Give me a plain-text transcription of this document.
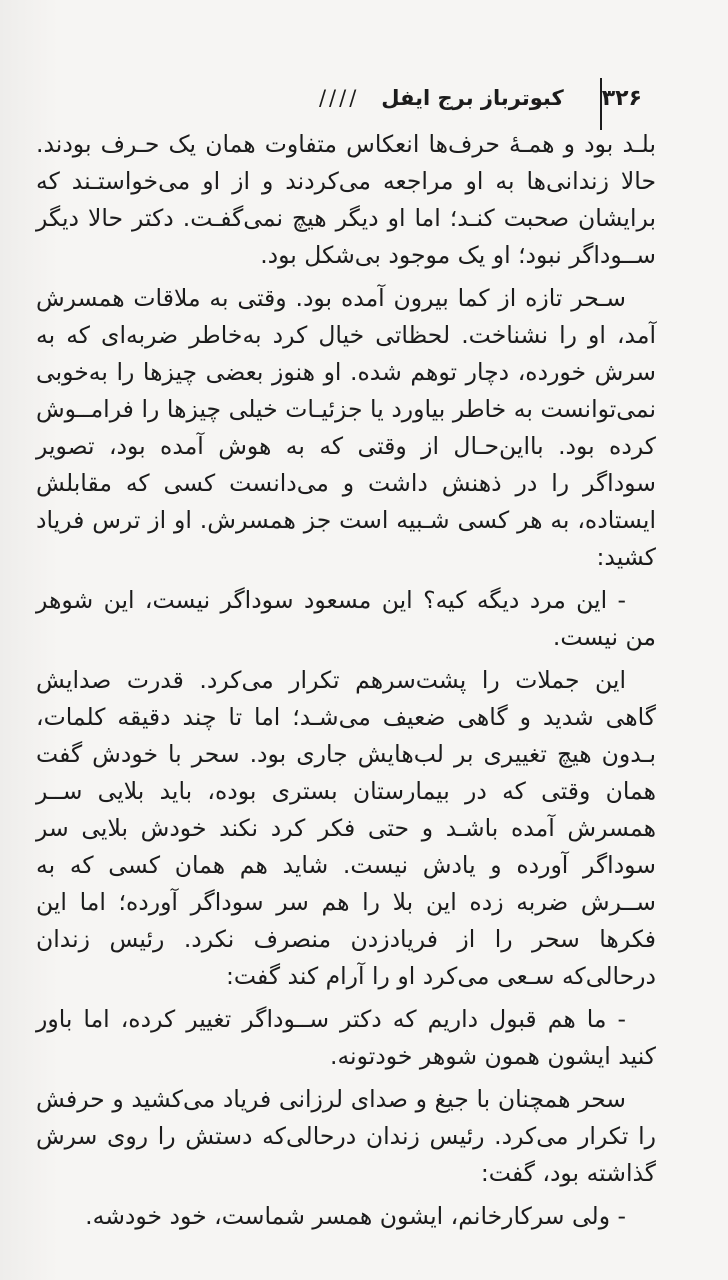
۳۲۶
کبوترباز برج ایفل
////

بلـد بود و همـهٔ حرف‌ها انعکاس متفاوت همان یک حـرف بودند. حالا زندانی‌ها به او مراجعه می‌کردند و از او می‌خواستـند که برایشان صحبت کنـد؛ اما او دیگر هیچ نمی‌گفـت. دکتر حالا دیگر ســوداگر نبود؛ او یک موجود بی‌شکل بود.

سـحر تازه از کما بیرون آمده بود. وقتی به ملاقات همسرش آمد، او را نشناخت. لحظاتی خیال کرد به‌خاطر ضربه‌ای که به سرش خورده، دچار توهم شده. او هنوز بعضی چیزها را به‌خوبی نمی‌توانست به خاطر بیاورد یا جزئیـات خیلی چیزها را فرامــوش کرده بود. بااین‌حـال از وقتی که به هوش آمده بود، تصویر سوداگر را در ذهنش داشت و می‌دانست کسی که مقابلش ایستاده، به هر کسی شـبیه است جز همسرش. او از ترس فریاد کشید:

- این مرد دیگه کیه؟ این مسعود سوداگر نیست، این شوهر من نیست.

این جملات را پشت‌سرهم تکرار می‌کرد. قدرت صدایش گاهی شدید و گاهی ضعیف می‌شـد؛ اما تا چند دقیقه کلمات، بـدون هیچ تغییری بر لب‌هایش جاری بود. سحر با خودش گفت همان وقتی که در بیمارستان بستری بوده، باید بلایی ســر همسرش آمده باشـد و حتی فکر کرد نکند خودش بلایی سر سوداگر آورده و یادش نیست. شاید هم همان کسی که به ســرش ضربه زده این بلا را هم سر سوداگر آورده؛ اما این فکرها سحر را از فریادزدن منصرف نکرد. رئیس زندان درحالی‌که سـعی می‌کرد او را آرام کند گفت:

- ما هم قبول داریم که دکتر ســوداگر تغییر کرده، اما باور کنید ایشون همون شوهر خودتونه.

سحر همچنان با جیغ و صدای لرزانی فریاد می‌کشید و حرفش را تکرار می‌کرد. رئیس زندان درحالی‌که دستش را روی سرش گذاشته بود، گفت:

- ولی سرکارخانم، ایشون همسر شماست، خود خودشه.
